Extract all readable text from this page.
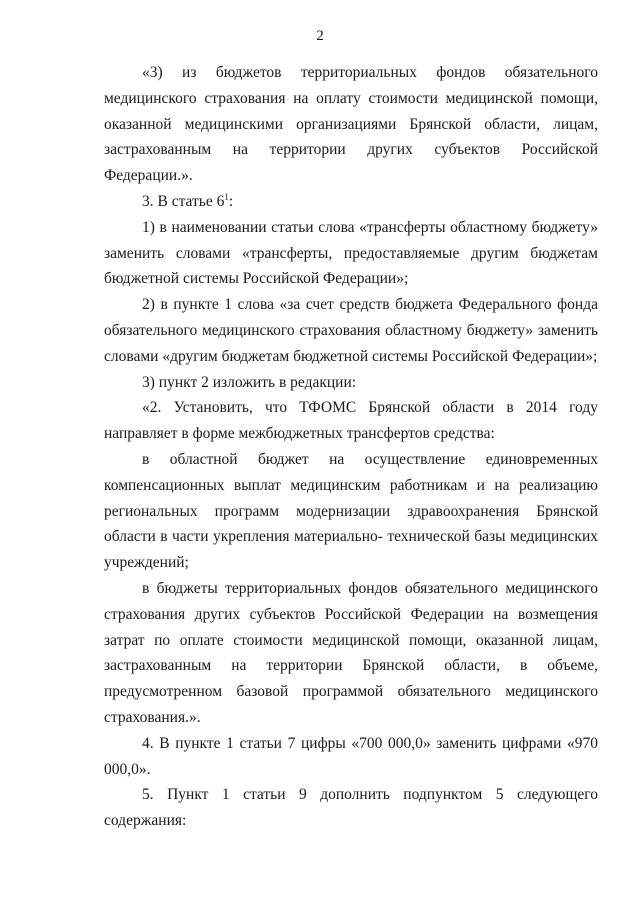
2

«3) из бюджетов территориальных фондов обязательного медицинского страхования на оплату стоимости медицинской помощи, оказанной медицинскими организациями Брянской области, лицам, застрахованным на территории других субъектов Российской Федерации.».

3. В статье $6^1$:

1) в наименовании статьи слова «трансферты областному бюджету» заменить словами «трансферты, предоставляемые другим бюджетам бюджетной системы Российской Федерации»;

2) в пункте 1 слова «за счет средств бюджета Федерального фонда обязательного медицинского страхования областному бюджету» заменить словами «другим бюджетам бюджетной системы Российской Федерации»;

3) пункт 2 изложить в редакции:

«2. Установить, что ТФОМС Брянской области в 2014 году направляет в форме межбюджетных трансфертов средства:

в областной бюджет на осуществление единовременных компенсационных выплат медицинским работникам и на реализацию региональных программ модернизации здравоохранения Брянской области в части укрепления материально- технической базы медицинских учреждений;

в бюджеты территориальных фондов обязательного медицинского страхования других субъектов Российской Федерации на возмещения затрат по оплате стоимости медицинской помощи, оказанной лицам, застрахованным на территории Брянской области, в объеме, предусмотренном базовой программой обязательного медицинского страхования.».

4. В пункте 1 статьи 7 цифры «700 000,0» заменить цифрами «970 000,0».

5. Пункт 1 статьи 9 дополнить подпунктом 5 следующего содержания:
